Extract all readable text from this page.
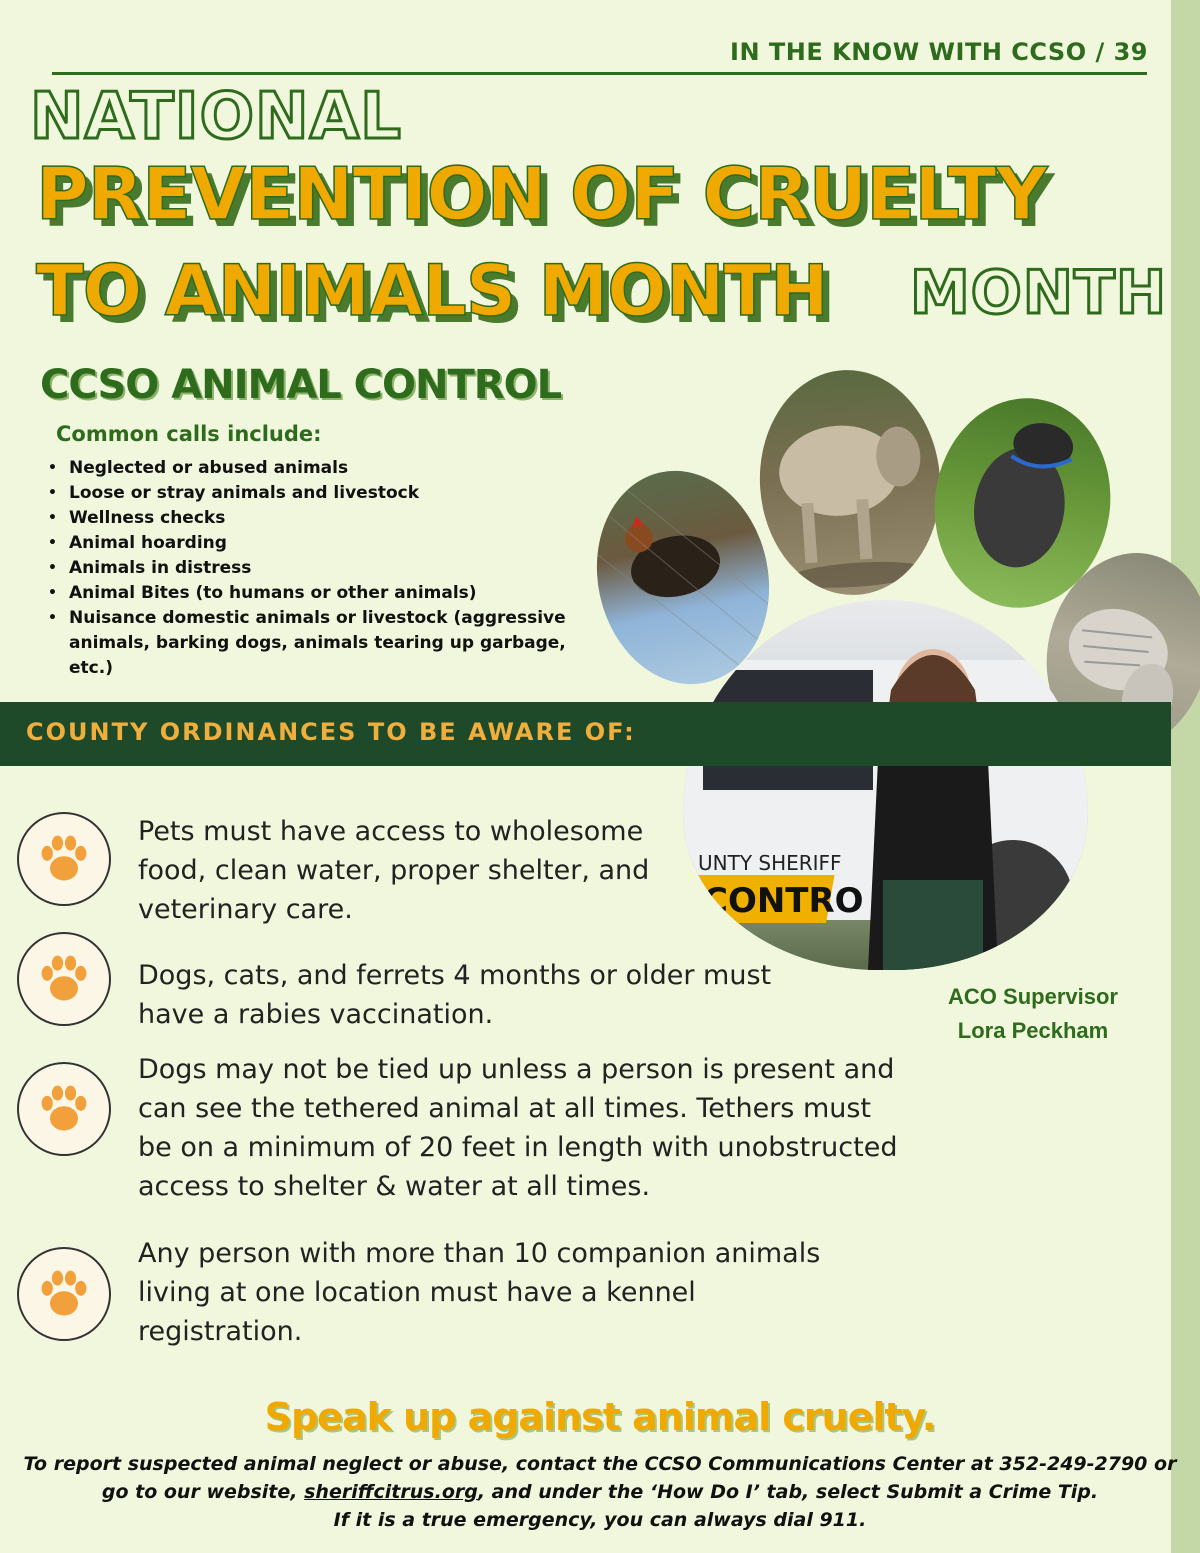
IN THE KNOW WITH CCSO / 39
NATIONAL
PREVENTION OF CRUELTY
TO ANIMALS MONTH MONTH
CCSO ANIMAL CONTROL
Common calls include:
• Neglected or abused animals
• Loose or stray animals and livestock
• Wellness checks
• Animal hoarding
• Animals in distress
• Animal Bites (to humans or other animals)
• Nuisance domestic animals or livestock (aggressive animals, barking dogs, animals tearing up garbage, etc.)
UNTY SHERIFF
CONTRO
ACO Supervisor
Lora Peckham
COUNTY ORDINANCES TO BE AWARE OF:
Pets must have access to wholesome food, clean water, proper shelter, and veterinary care.
Dogs, cats, and ferrets 4 months or older must have a rabies vaccination.
Dogs may not be tied up unless a person is present and can see the tethered animal at all times. Tethers must be on a minimum of 20 feet in length with unobstructed access to shelter & water at all times.
Any person with more than 10 companion animals living at one location must have a kennel registration.
Speak up against animal cruelty.
To report suspected animal neglect or abuse, contact the CCSO Communications Center at 352-249-2790 or go to our website, sheriffcitrus.org, and under the ‘How Do I’ tab, select Submit a Crime Tip.
If it is a true emergency, you can always dial 911.
